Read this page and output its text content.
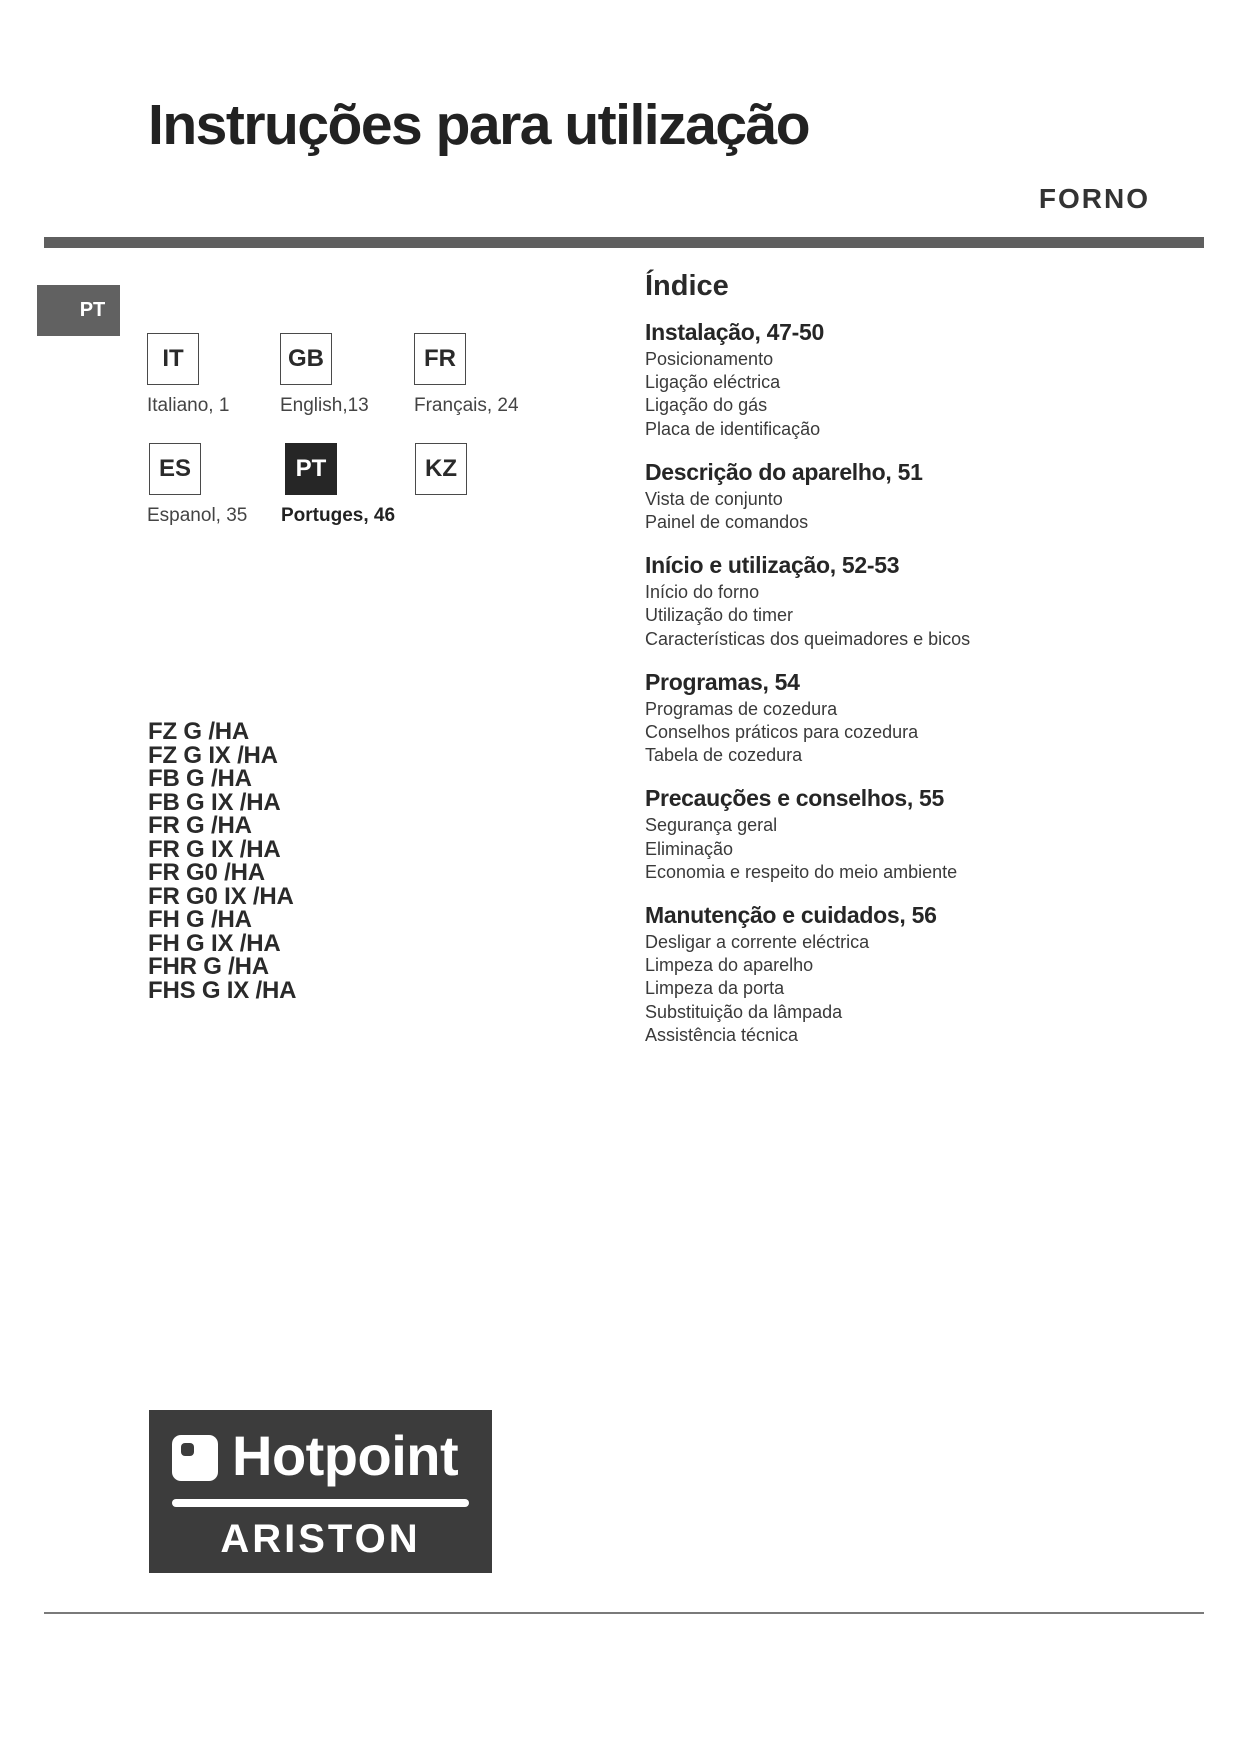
Instruções para utilização
FORNO
PT
IT
Italiano, 1
GB
English,13
FR
Français, 24
ES
Espanol, 35
PT
Portuges, 46
KZ
FZ G /HA
FZ G IX /HA
FB G /HA
FB G IX /HA
FR G /HA
FR G IX /HA
FR G0 /HA
FR G0 IX /HA
FH G /HA
FH G IX /HA
FHR G /HA
FHS G IX /HA
Índice
Instalação, 47-50
Posicionamento
Ligação eléctrica
Ligação do gás
Placa de identificação
Descrição do aparelho, 51
Vista de conjunto
Painel de comandos
Início e utilização, 52-53
Início do forno
Utilização do timer
Características dos queimadores e bicos
Programas, 54
Programas de cozedura
Conselhos práticos para cozedura
Tabela de cozedura
Precauções e conselhos, 55
Segurança geral
Eliminação
Economia e respeito do meio ambiente
Manutenção e cuidados, 56
Desligar a corrente eléctrica
Limpeza do aparelho
Limpeza da porta
Substituição da lâmpada
Assistência técnica
Hotpoint
ARISTON
